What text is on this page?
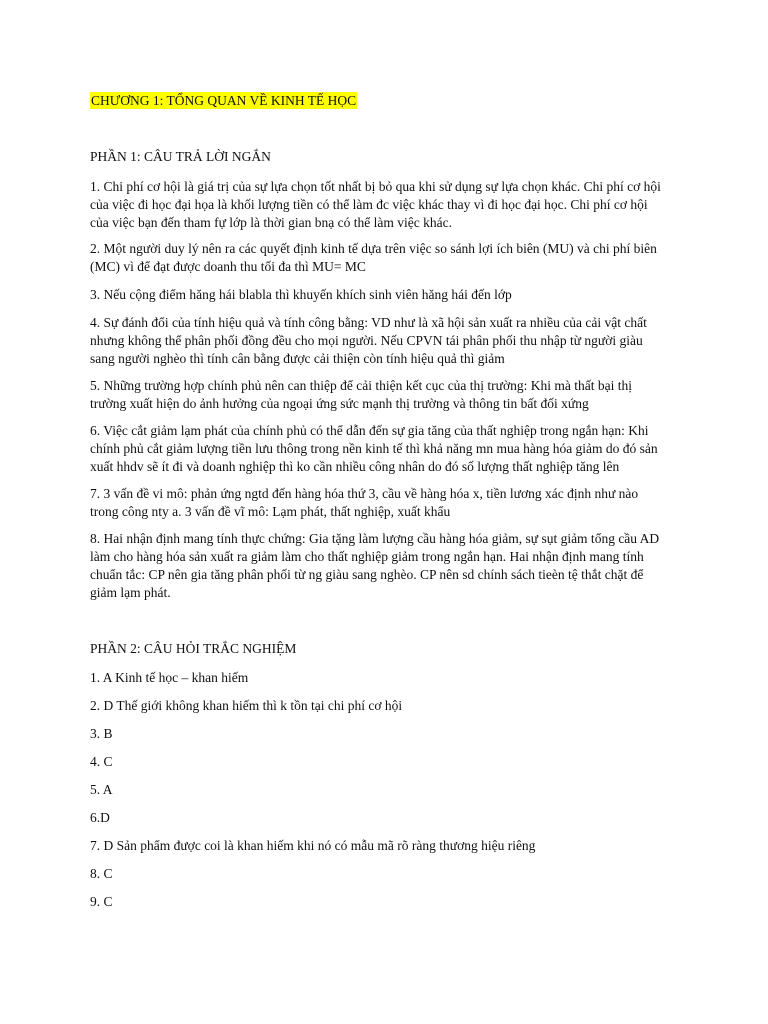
CHƯƠNG 1: TỔNG QUAN VỀ KINH TẾ HỌC
PHẦN 1: CÂU TRẢ LỜI NGẮN
1. Chi phí cơ hội là giá trị của sự lựa chọn tốt nhất bị bỏ qua khi sử dụng sự lựa chọn khác. Chi phí cơ hội
của việc đi học đại họa là khối lượng tiền có thể làm đc việc khác thay vì đi học đại học. Chi phí cơ hội
của việc bạn đến tham fự lớp là thời gian bnạ có thể làm việc khác.
2. Một người duy lý nên ra các quyết định kinh tế dựa trên việc so sánh lợi ích biên (MU) và chi phí biên
(MC) vì để đạt được doanh thu tối đa thì MU= MC
3. Nếu cộng điểm hăng hái blabla thì khuyến khích sinh viên hăng hái đến lớp
4. Sự đánh đổi của tính hiệu quả và tính công bằng: VD như là xã hội sản xuất ra nhiều của cải vật chất
nhưng không thể phân phối đồng đều cho mọi người. Nếu CPVN tái phân phối thu nhập từ người giàu
sang người nghèo thì tính cân bằng được cải thiện còn tính hiệu quả thì giảm
5. Những trường hợp chính phủ nên can thiệp để cải thiện kết cục của thị trường: Khi mà thất bại thị
trường xuất hiện do ảnh hưởng của ngoại ứng sức mạnh thị trường và thông tin bất đối xứng
6. Việc cắt giảm lạm phát của chính phủ có thể dẫn đến sự gia tăng của thất nghiệp trong ngắn hạn: Khi
chính phủ cắt giảm lượng tiền lưu thông trong nền kinh tế thì khả năng mn mua hàng hóa giảm do đó sản
xuất hhdv sẽ ít đi và doanh nghiệp thì ko cần nhiều công nhân do đó số lượng thất nghiệp tăng lên
7. 3 vấn đề vi mô: phản ứng ngtd đến hàng hóa thứ 3, cầu về hàng hóa x, tiền lương xác định như nào
trong công nty a. 3 vấn đề vĩ mô: Lạm phát, thất nghiệp, xuất khẩu
8. Hai nhận định mang tính thực chứng: Gia tặng làm lượng cầu hàng hóa giảm, sự sụt giảm tổng cầu AD
làm cho hàng hóa sản xuất ra giảm làm cho thất nghiệp giảm trong ngắn hạn. Hai nhận định mang tính
chuẩn tắc: CP nên gia tăng phân phối từ ng giàu sang nghèo. CP nên sd chính sách tieèn tệ thắt chặt để
giảm lạm phát.
PHẦN 2: CÂU HỎI TRẮC NGHIỆM
1. A Kinh tế học – khan hiếm
2. D Thế giới không khan hiếm thì k tồn tại chi phí cơ hội
3. B
4. C
5. A
6.D
7. D Sản phẩm được coi là khan hiếm khi nó có mẫu mã rõ ràng thương hiệu riêng
8. C
9. C
